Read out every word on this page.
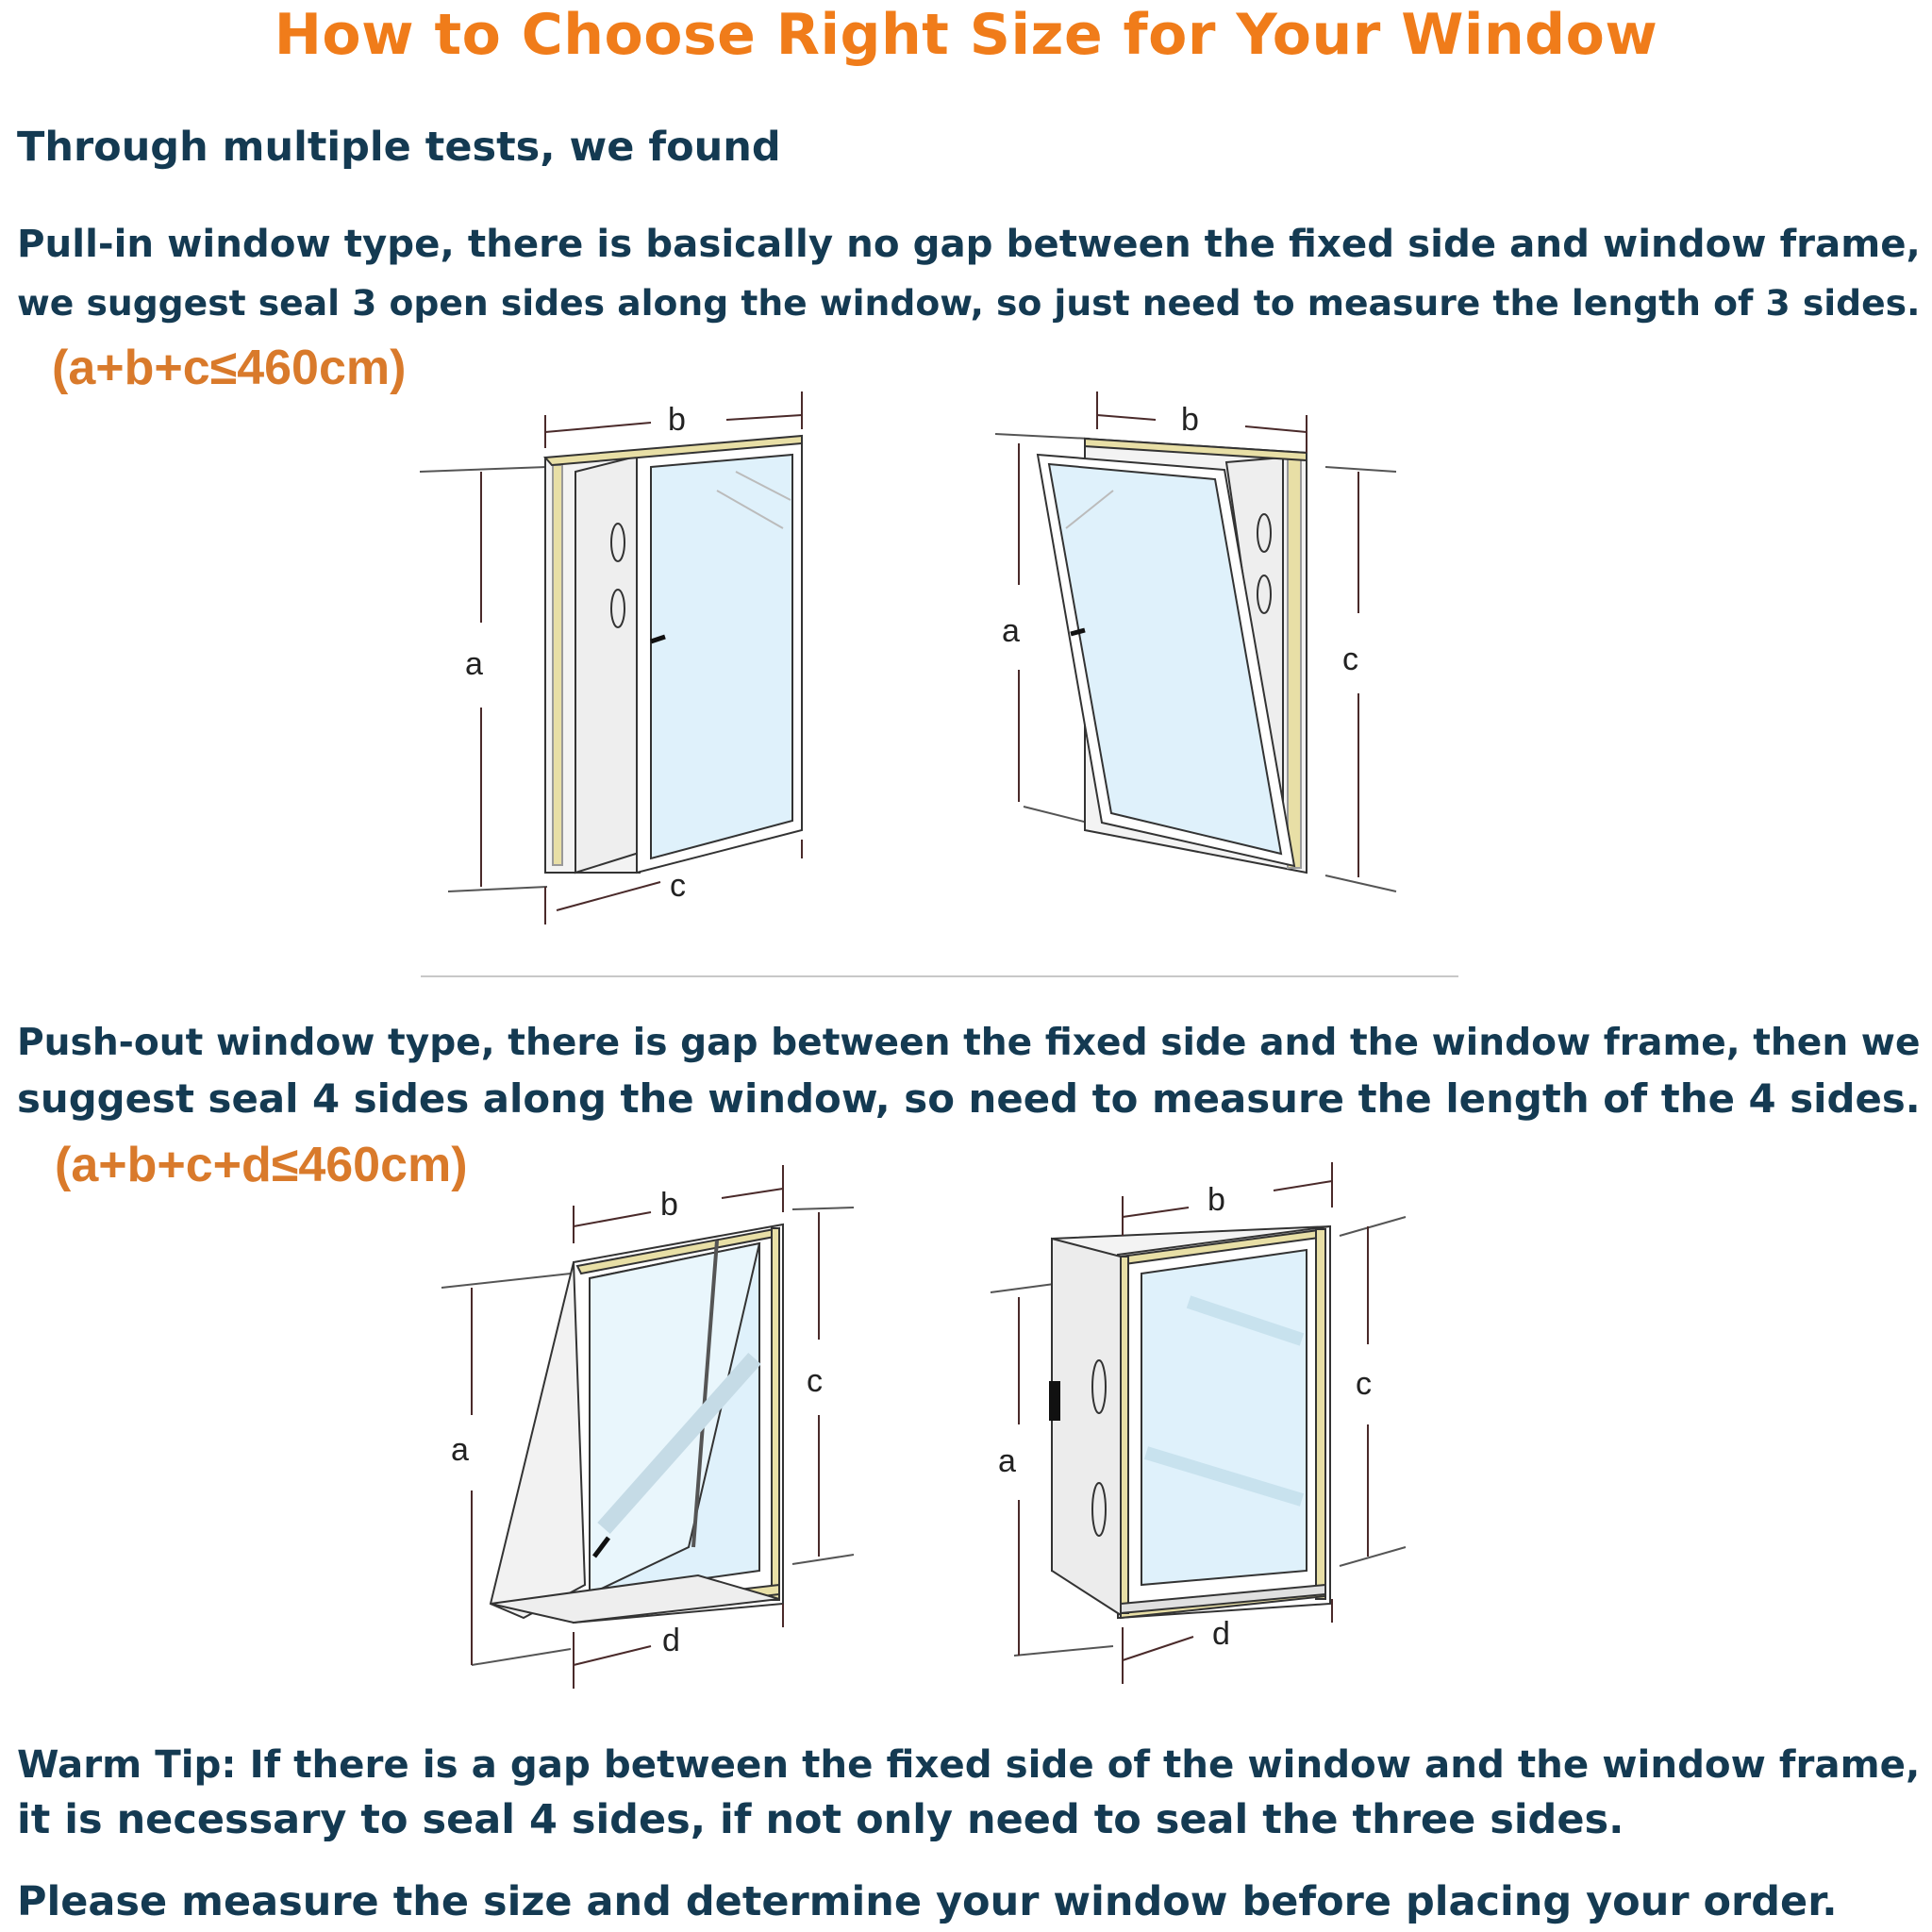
How to Choose Right Size for Your Window
Through multiple tests, we found
Pull-in window type, there is basically no gap between the fixed side and window frame,
we suggest seal 3 open sides along the window, so just need to measure the length of 3 sides.
(a+b+c≤460cm)
b
a
c
b
a
c
Push-out window type, there is gap between the fixed side and the window frame, then we
suggest seal 4 sides along the window, so need to measure the length of the 4 sides.
(a+b+c+d≤460cm)
b
a
c
d
b
a
c
d
Warm Tip: If there is a gap between the fixed side of the window and the window frame,
it is necessary to seal 4 sides, if not only need to seal the three sides.
Please measure the size and determine your window before placing your order.
